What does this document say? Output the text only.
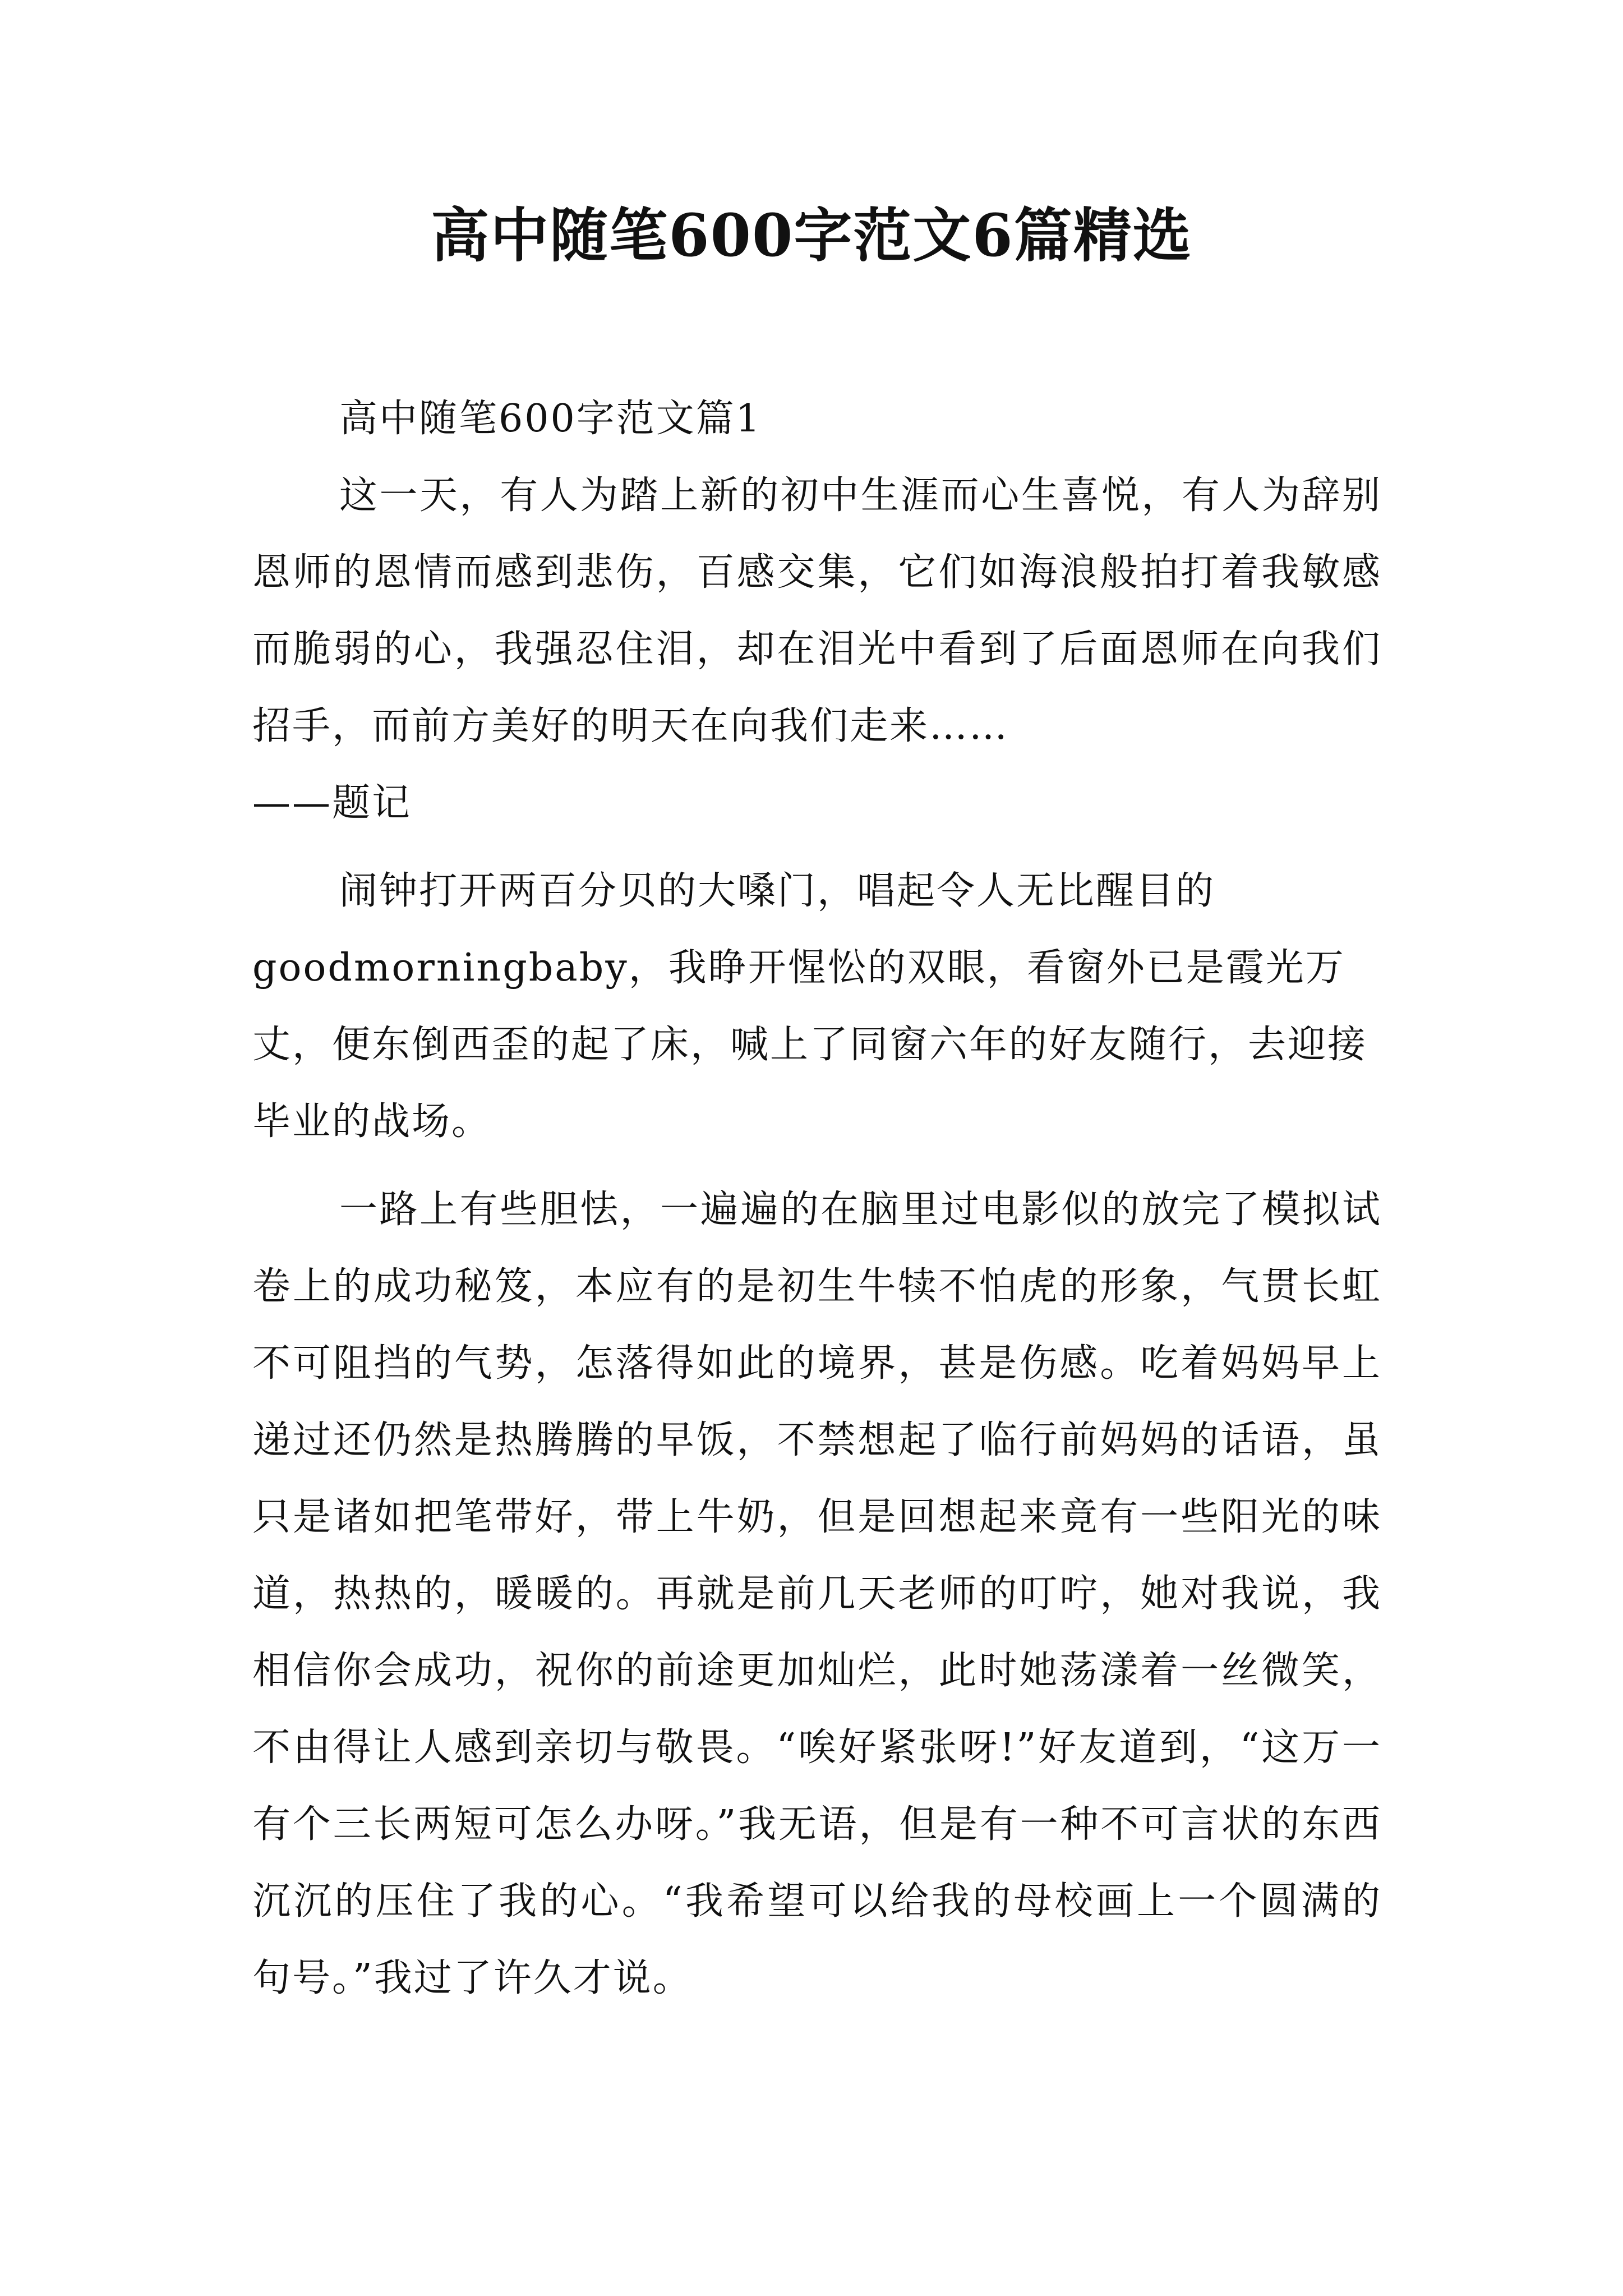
高中随笔600字范文6篇精选

高中随笔600字范文篇1

这一天，有人为踏上新的初中生涯而心生喜悦，有人为辞别恩师的恩情而感到悲伤，百感交集，它们如海浪般拍打着我敏感而脆弱的心，我强忍住泪，却在泪光中看到了后面恩师在向我们招手，而前方美好的明天在向我们走来……

——题记

闹钟打开两百分贝的大嗓门，唱起令人无比醒目的goodmorningbaby，我睁开惺忪的双眼，看窗外已是霞光万丈，便东倒西歪的起了床，喊上了同窗六年的好友随行，去迎接毕业的战场。

一路上有些胆怯，一遍遍的在脑里过电影似的放完了模拟试卷上的成功秘笈，本应有的是初生牛犊不怕虎的形象，气贯长虹不可阻挡的气势，怎落得如此的境界，甚是伤感。吃着妈妈早上递过还仍然是热腾腾的早饭，不禁想起了临行前妈妈的话语，虽只是诸如把笔带好，带上牛奶，但是回想起来竟有一些阳光的味道，热热的，暖暖的。再就是前几天老师的叮咛，她对我说，我相信你会成功，祝你的前途更加灿烂，此时她荡漾着一丝微笑，不由得让人感到亲切与敬畏。“唉好紧张呀!”好友道到，“这万一有个三长两短可怎么办呀。”我无语，但是有一种不可言状的东西沉沉的压住了我的心。“我希望可以给我的母校画上一个圆满的句号。”我过了许久才说。
